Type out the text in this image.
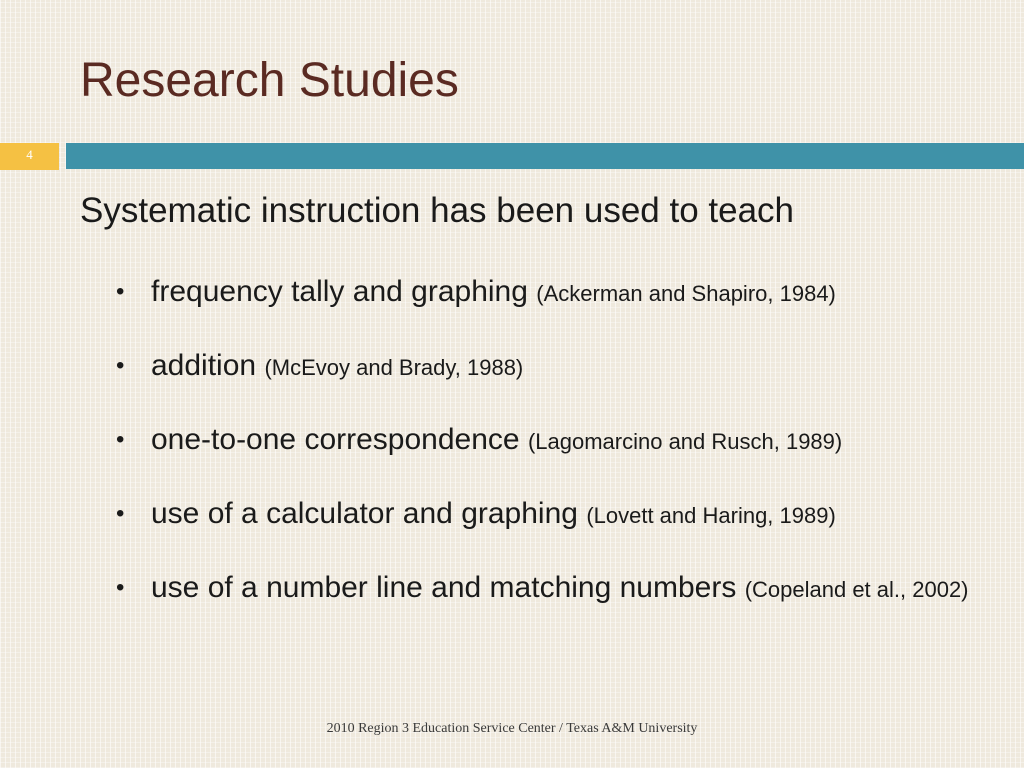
Research Studies
4
Systematic instruction has been used to teach
• frequency tally and graphing (Ackerman and Shapiro, 1984)
• addition (McEvoy and Brady, 1988)
• one-to-one correspondence (Lagomarcino and Rusch, 1989)
• use of a calculator and graphing (Lovett and Haring, 1989)
• use of a number line and matching numbers (Copeland et al., 2002)
2010 Region 3 Education Service Center / Texas A&M University
